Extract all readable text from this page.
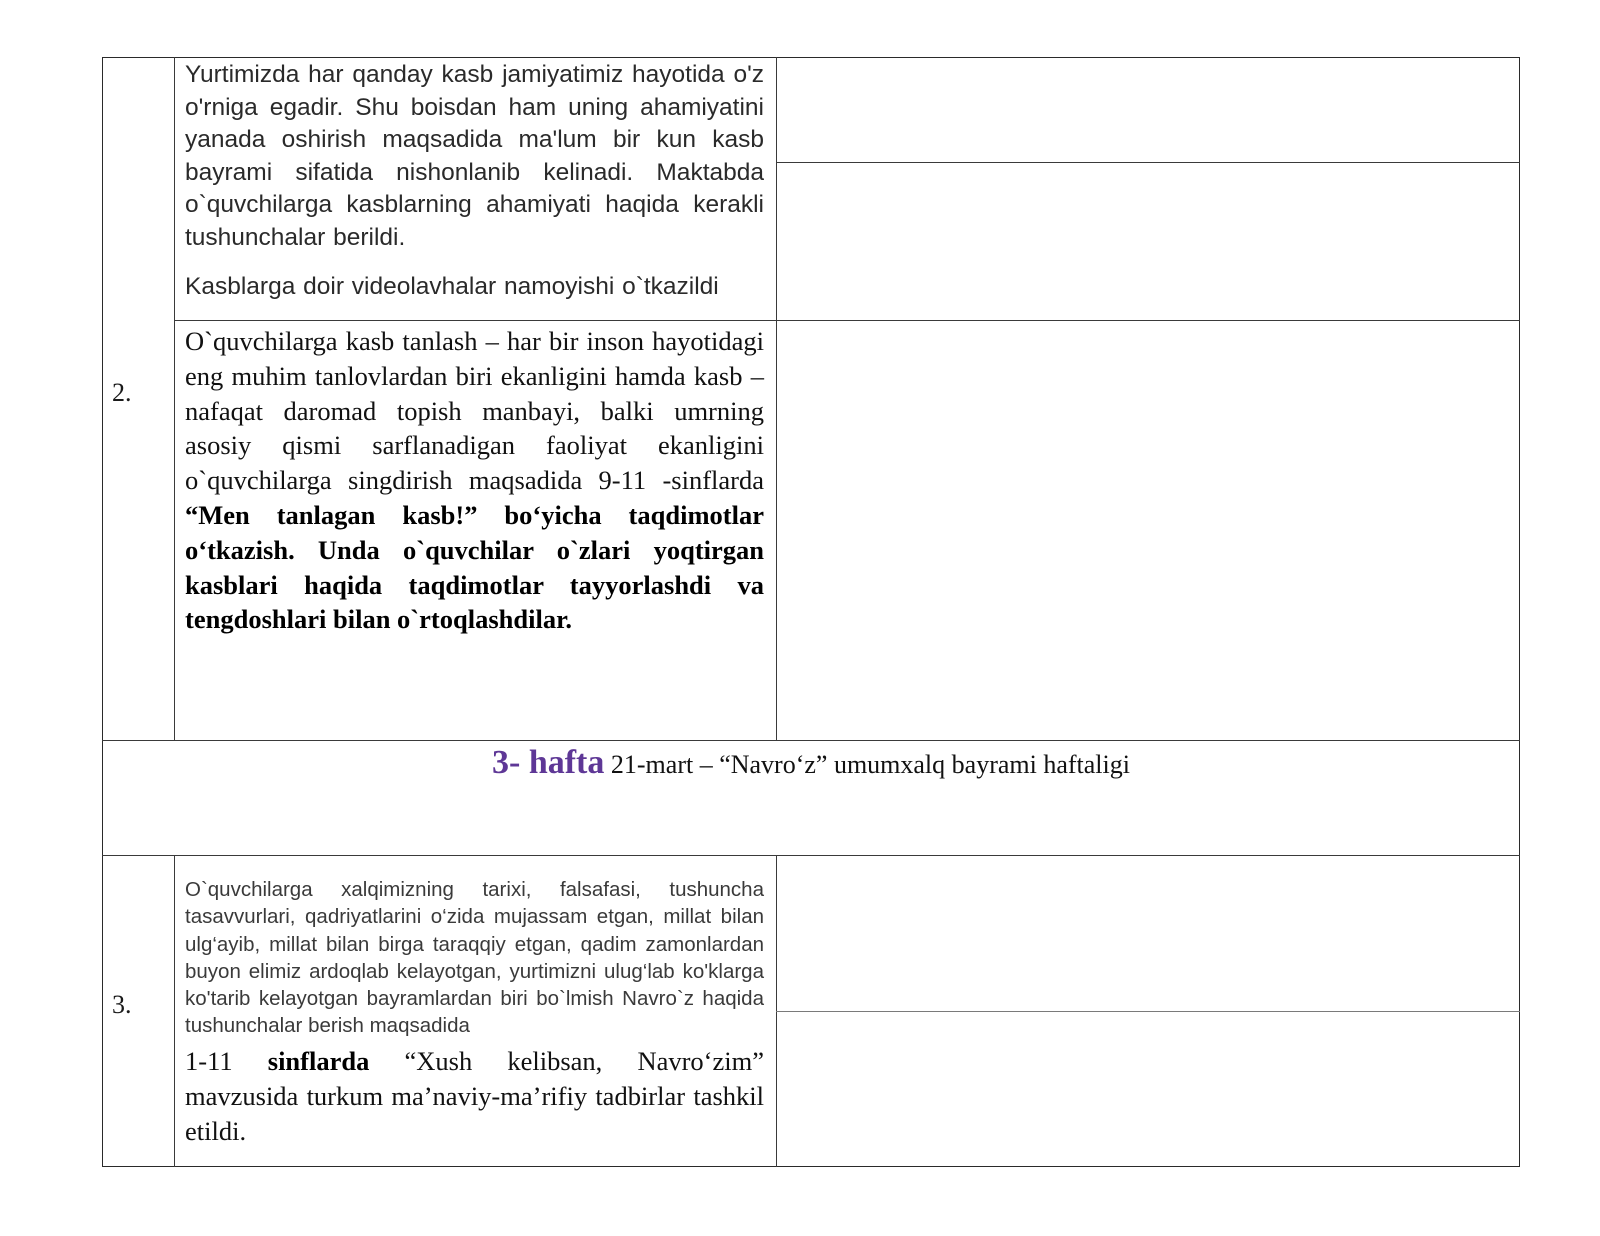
2.

Yurtimizda har qanday kasb jamiyatimiz hayotida o'z o'rniga egadir. Shu boisdan ham uning ahamiyatini yanada oshirish maqsadida ma'lum bir kun kasb bayrami sifatida nishonlanib kelinadi. Maktabda o`quvchilarga kasblarning ahamiyati haqida kerakli tushunchalar berildi.

Kasblarga doir videolavhalar namoyishi o`tkazildi

O`quvchilarga kasb tanlash – har bir inson hayotidagi eng muhim tanlovlardan biri ekanligini hamda kasb – nafaqat daromad topish manbayi, balki umrning asosiy qismi sarflanadigan faoliyat ekanligini o`quvchilarga singdirish maqsadida 9-11 -sinflarda “Men tanlagan kasb!” bo‘yicha taqdimotlar o‘tkazish. Unda o`quvchilar o`zlari yoqtirgan kasblari haqida taqdimotlar tayyorlashdi va tengdoshlari bilan o`rtoqlashdilar.

3- hafta 21-mart – “Navro‘z” umumxalq bayrami haftaligi
3.

O`quvchilarga xalqimizning tarixi, falsafasi, tushuncha tasavvurlari, qadriyatlarini o‘zida mujassam etgan, millat bilan ulg‘ayib, millat bilan birga taraqqiy etgan, qadim zamonlardan buyon elimiz ardoqlab kelayotgan, yurtimizni ulug‘lab ko'klarga ko'tarib kelayotgan bayramlardan biri bo`lmish Navro`z haqida tushunchalar berish maqsadida

1-11 sinflarda “Xush kelibsan, Navro‘zim” mavzusida turkum ma’naviy-ma’rifiy tadbirlar tashkil etildi.
